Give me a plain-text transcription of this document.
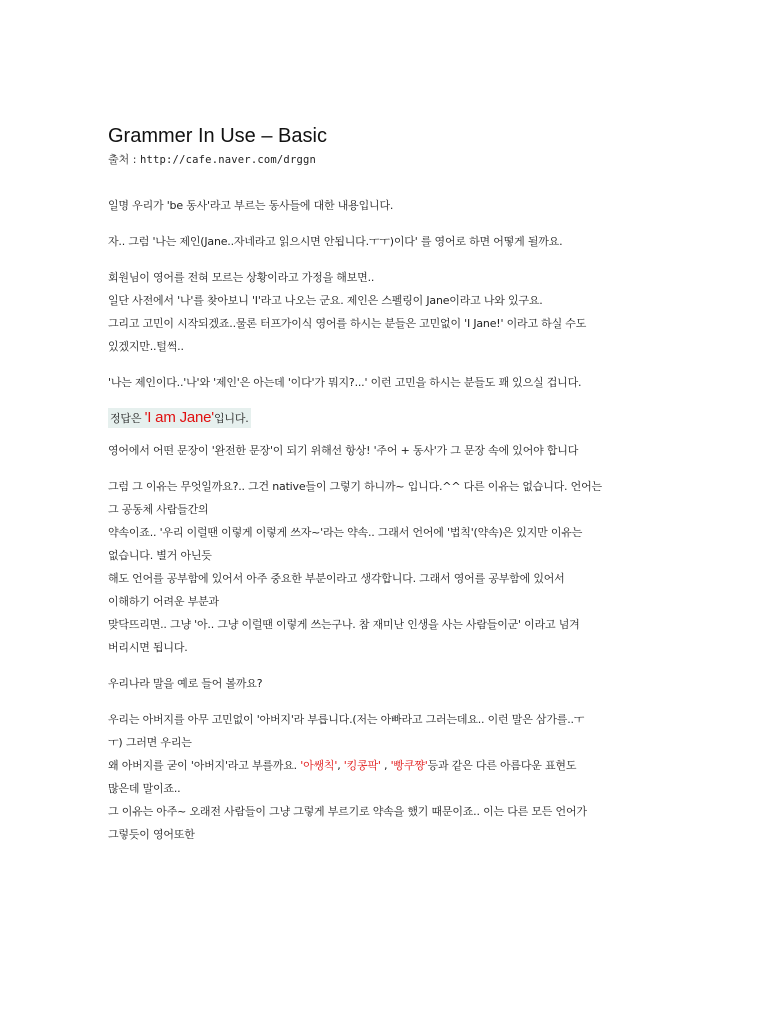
Grammer In Use – Basic
출처 : http://cafe.naver.com/drggn
일명 우리가 'be 동사'라고 부르는 동사들에 대한 내용입니다.
자.. 그럼 '나는 제인(Jane..자네라고 읽으시면 안됩니다.ㅜㅜ)이다' 를 영어로 하면 어떻게 될까요.
회원님이 영어를 전혀 모르는 상황이라고 가정을 해보면..
일단 사전에서 '나'를 찾아보니 'I'라고 나오는 군요. 제인은 스펠링이 Jane이라고 나와 있구요.
그리고 고민이 시작되겠죠..물론 터프가이식 영어를 하시는 분들은 고민없이 'I Jane!' 이라고 하실 수도
있겠지만..털썩..
'나는 제인이다..'나'와 '제인'은 아는데 '이다'가 뭐지?...' 이런 고민을 하시는 분들도 꽤 있으실 겁니다.
정답은 'I am Jane'입니다.
영어에서 어떤 문장이 '완전한 문장'이 되기 위해선 항상! '주어 + 동사'가 그 문장 속에 있어야 합니다
그럼 그 이유는 무엇일까요?.. 그건 native들이 그렇기 하니까~ 입니다.^^ 다른 이유는 없습니다. 언어는
그 공동체 사람들간의
약속이죠.. '우리 이럴땐 이렇게 이렇게 쓰자~'라는 약속.. 그래서 언어에 '법칙'(약속)은 있지만 이유는
없습니다. 별거 아닌듯
해도 언어를 공부함에 있어서 아주 중요한 부분이라고 생각합니다. 그래서 영어를 공부함에 있어서
이해하기 어려운 부분과
맞닥뜨리면.. 그냥 '아.. 그냥 이럴땐 이렇게 쓰는구나. 참 재미난 인생을 사는 사람들이군' 이라고 넘겨
버리시면 됩니다.
우리나라 말을 예로 들어 볼까요?
우리는 아버지를 아무 고민없이 '아버지'라 부릅니다.(저는 아빠라고 그러는데요.. 이런 말은 삼가를..ㅜ
ㅜ) 그러면 우리는
왜 아버지를 굳이 '아버지'라고 부를까요. '아쌩칙', '킹콩팍' , '빵쿠쨩'등과 같은 다른 아름다운 표현도
많은데 말이죠..
그 이유는 아주~ 오래전 사람들이 그냥 그렇게 부르기로 약속을 했기 때문이죠.. 이는 다른 모든 언어가
그렇듯이 영어또한
